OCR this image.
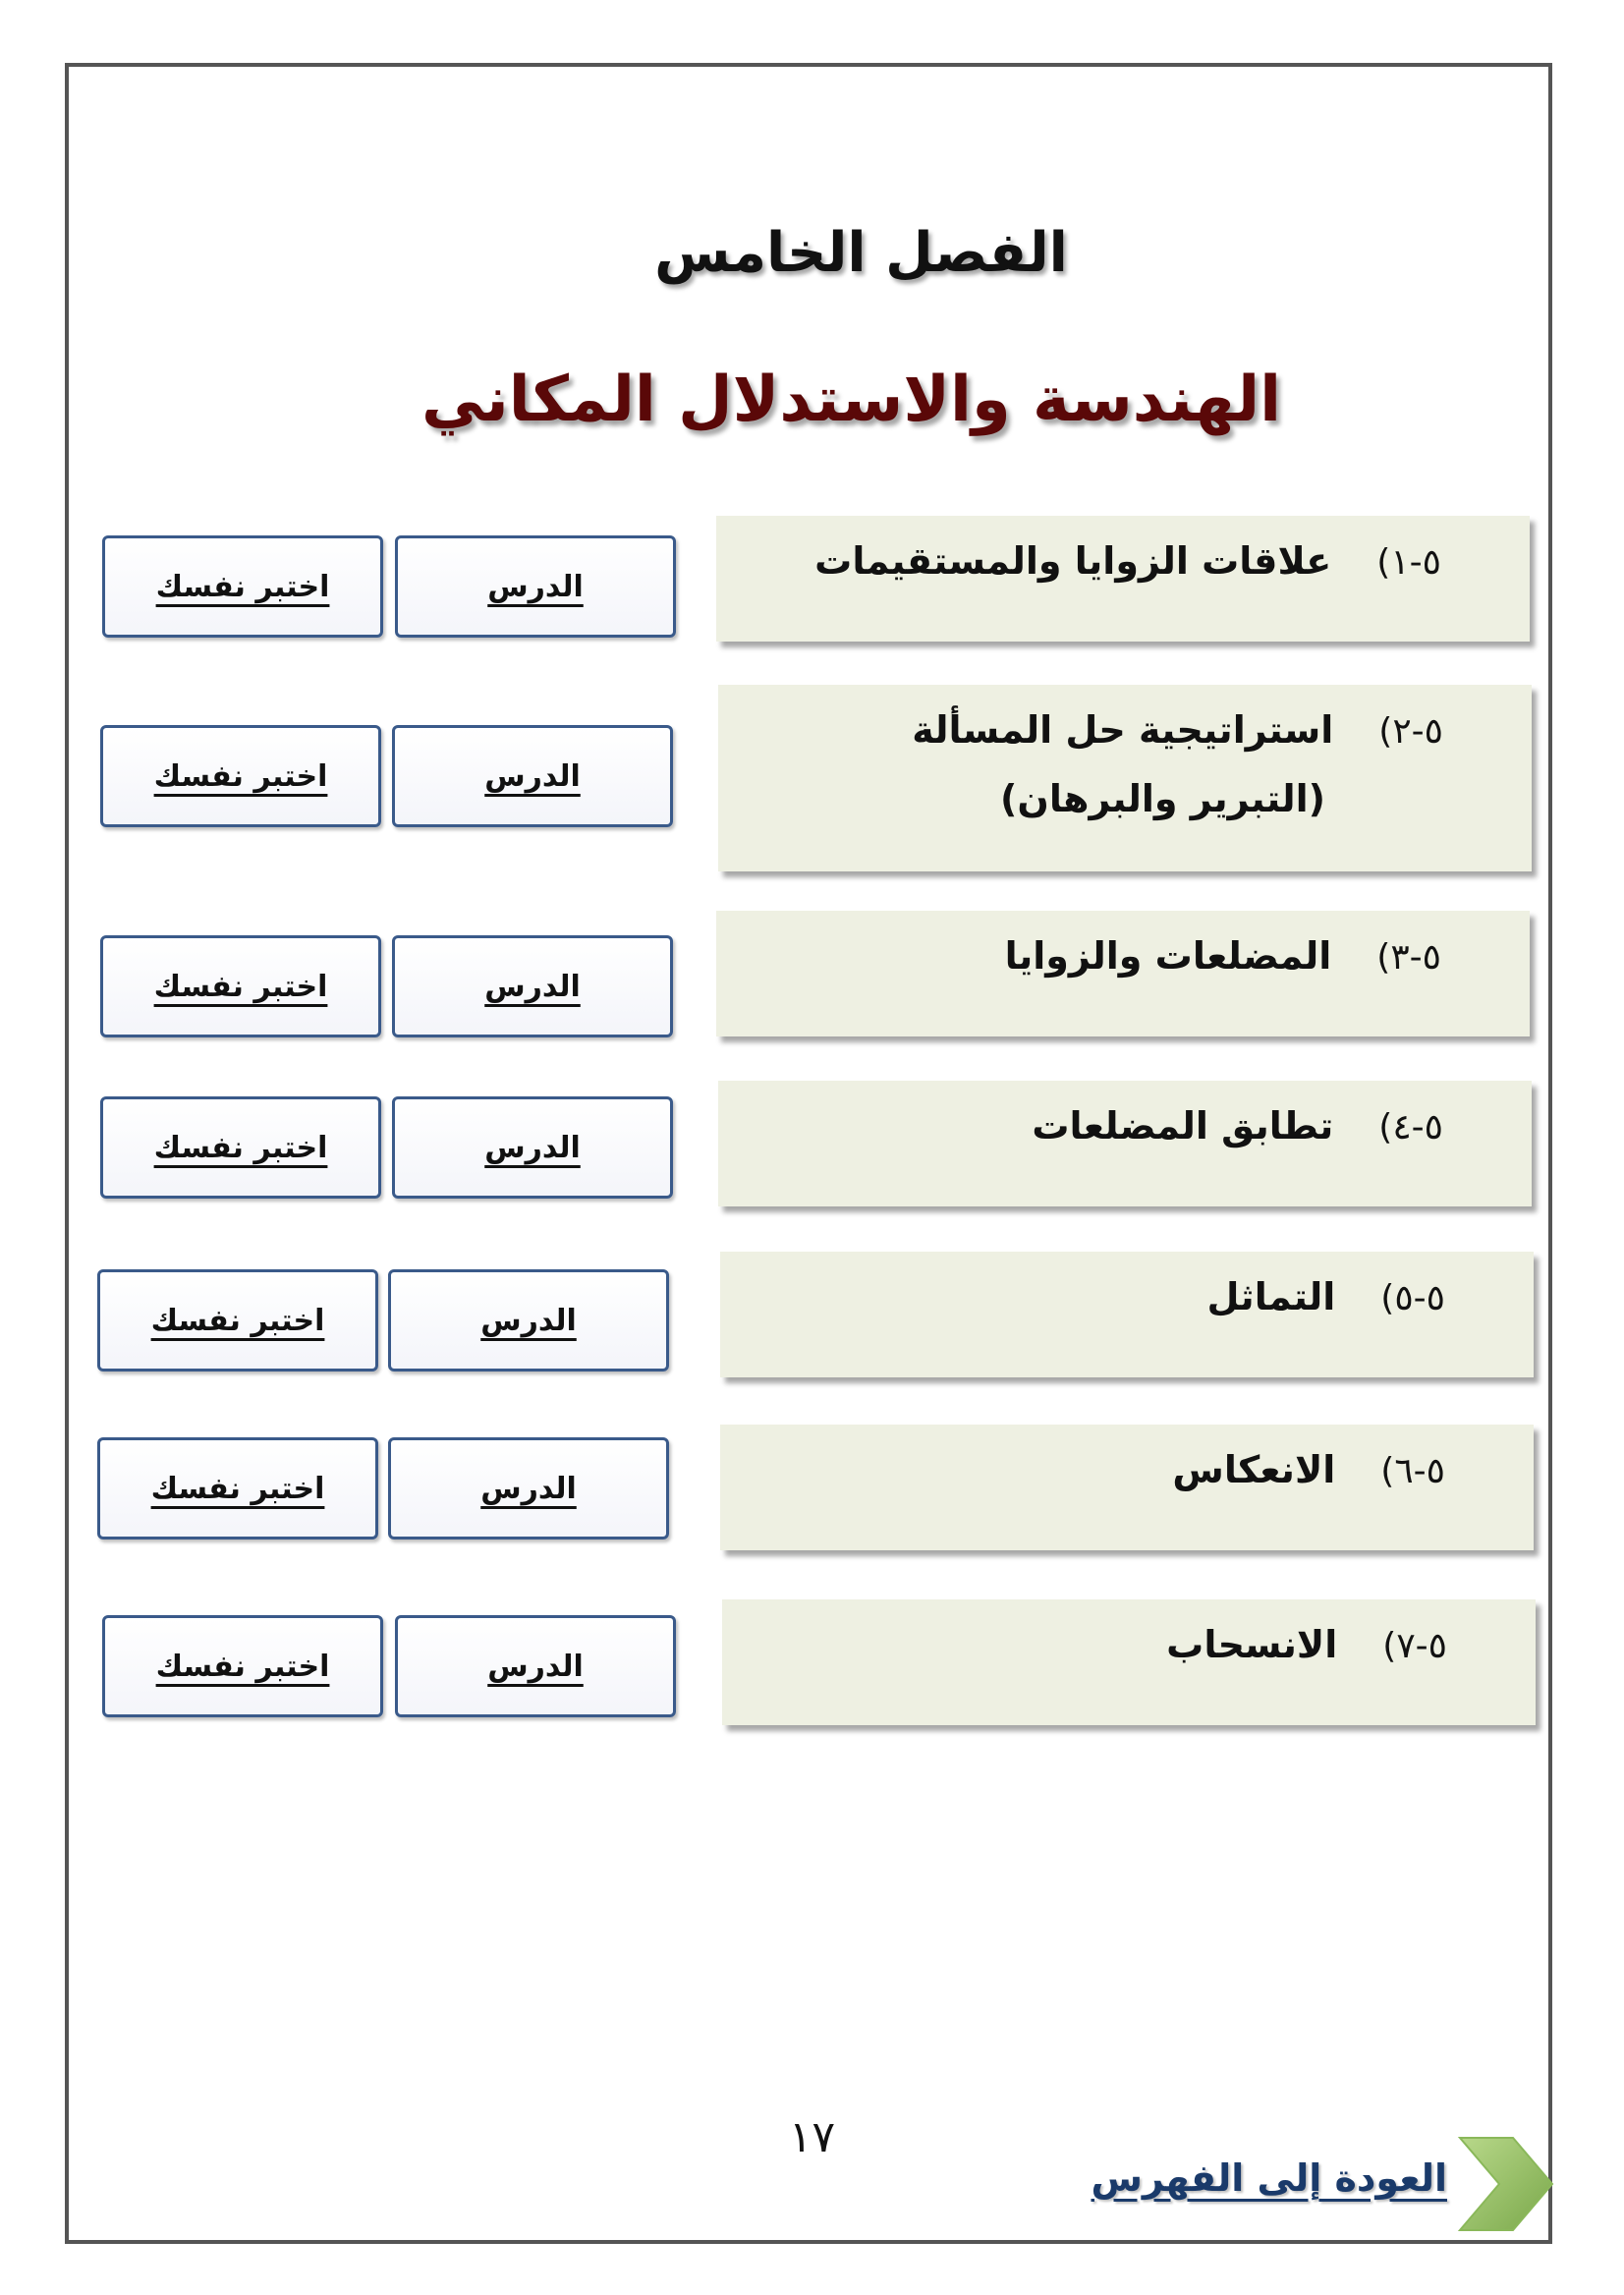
الفصل الخامس
الهندسة والاستدلال المكاني
٥-١)
علاقات الزوايا والمستقيمات
الدرس
اختبر نفسك
٥-٢)
استراتيجية حل المسألة
(التبرير والبرهان)
الدرس
اختبر نفسك
٥-٣)
المضلعات والزوايا
الدرس
اختبر نفسك
٥-٤)
تطابق المضلعات
الدرس
اختبر نفسك
٥-٥)
التماثل
الدرس
اختبر نفسك
٥-٦)
الانعكاس
الدرس
اختبر نفسك
٥-٧)
الانسحاب
الدرس
اختبر نفسك
١٧
العودة إلى الفهرس
